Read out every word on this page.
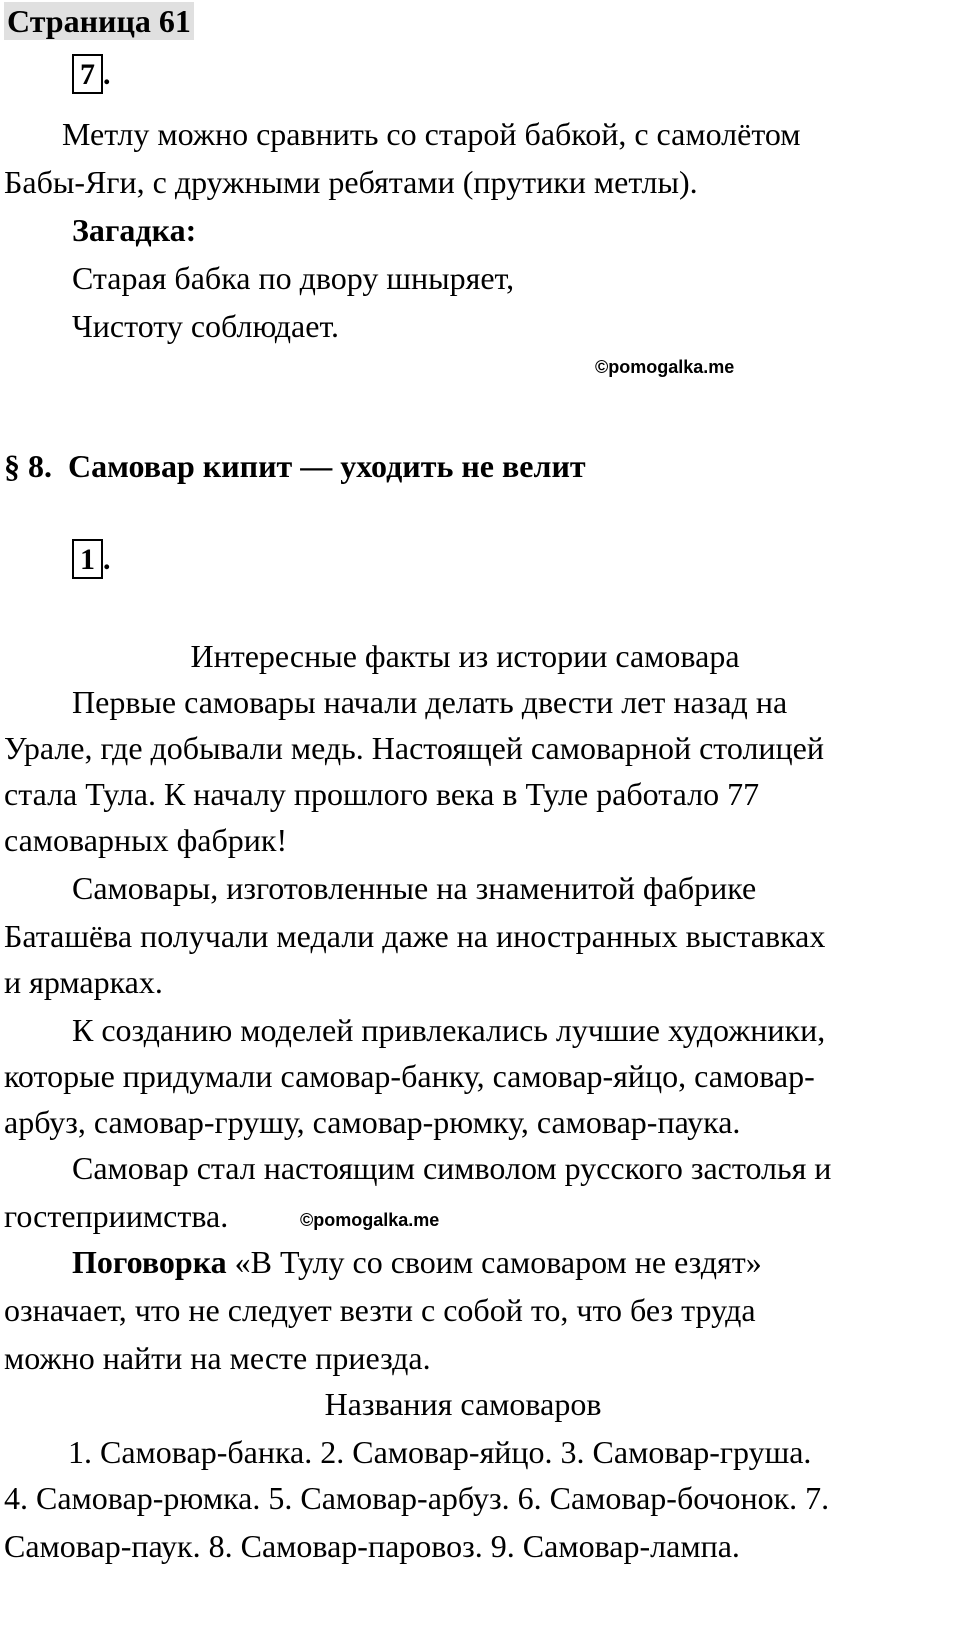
Страница 61
7 .
Метлу можно сравнить со старой бабкой, с самолётом
Бабы-Яги, с дружными ребятами (прутики метлы).
Загадка:
Старая бабка по двору шныряет,
Чистоту соблюдает.
©pomogalka.me
§ 8.  Самовар кипит — уходить не велит
1 .
Интересные факты из истории самовара
Первые самовары начали делать двести лет назад на
Урале, где добывали медь. Настоящей самоварной столицей
стала Тула. К началу прошлого века в Туле работало 77
самоварных фабрик!
Самовары, изготовленные на знаменитой фабрике
Баташёва получали медали даже на иностранных выставках
и ярмарках.
К созданию моделей привлекались лучшие художники,
которые придумали самовар-банку, самовар-яйцо, самовар-
арбуз, самовар-грушу, самовар-рюмку, самовар-паука.
Самовар стал настоящим символом русского застолья и
гостеприимства.	©pomogalka.me
Поговорка «В Тулу со своим самоваром не ездят»
означает, что не следует везти с собой то, что без труда
можно найти на месте приезда.
Названия самоваров
1. Самовар-банка. 2. Самовар-яйцо. 3. Самовар-груша.
4. Самовар-рюмка. 5. Самовар-арбуз. 6. Самовар-бочонок. 7.
Самовар-паук. 8. Самовар-паровоз. 9. Самовар-лампа.
